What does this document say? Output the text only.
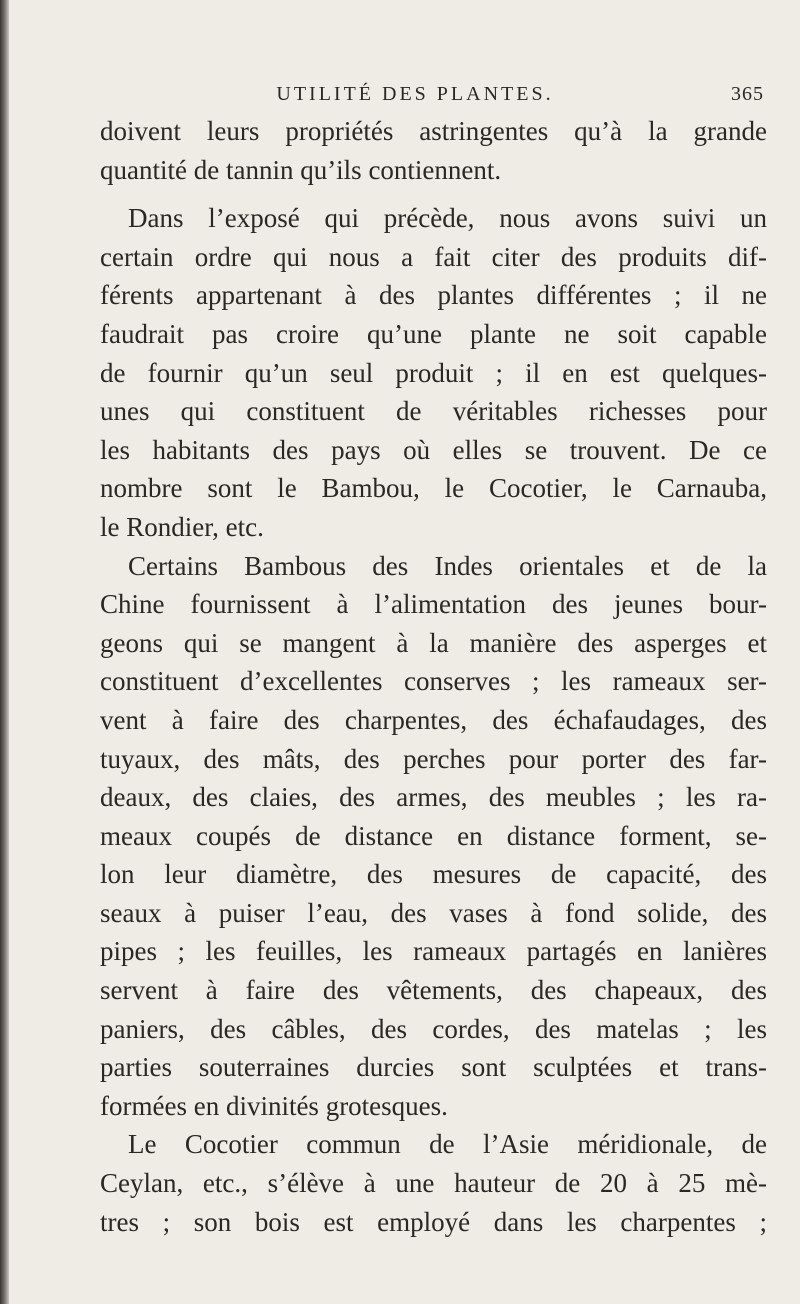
UTILITÉ DES PLANTES.	365
doivent leurs propriétés astringentes qu’à la grande
quantité de tannin qu’ils contiennent.
Dans l’exposé qui précède, nous avons suivi un
certain ordre qui nous a fait citer des produits dif-
férents appartenant à des plantes différentes ; il ne
faudrait pas croire qu’une plante ne soit capable
de fournir qu’un seul produit ; il en est quelques-
unes qui constituent de véritables richesses pour
les habitants des pays où elles se trouvent. De ce
nombre sont le Bambou, le Cocotier, le Carnauba,
le Rondier, etc.
Certains Bambous des Indes orientales et de la
Chine fournissent à l’alimentation des jeunes bour-
geons qui se mangent à la manière des asperges et
constituent d’excellentes conserves ; les rameaux ser-
vent à faire des charpentes, des échafaudages, des
tuyaux, des mâts, des perches pour porter des far-
deaux, des claies, des armes, des meubles ; les ra-
meaux coupés de distance en distance forment, se-
lon leur diamètre, des mesures de capacité, des
seaux à puiser l’eau, des vases à fond solide, des
pipes ; les feuilles, les rameaux partagés en lanières
servent à faire des vêtements, des chapeaux, des
paniers, des câbles, des cordes, des matelas ; les
parties souterraines durcies sont sculptées et trans-
formées en divinités grotesques.
Le Cocotier commun de l’Asie méridionale, de
Ceylan, etc., s’élève à une hauteur de 20 à 25 mè-
tres ; son bois est employé dans les charpentes ;
